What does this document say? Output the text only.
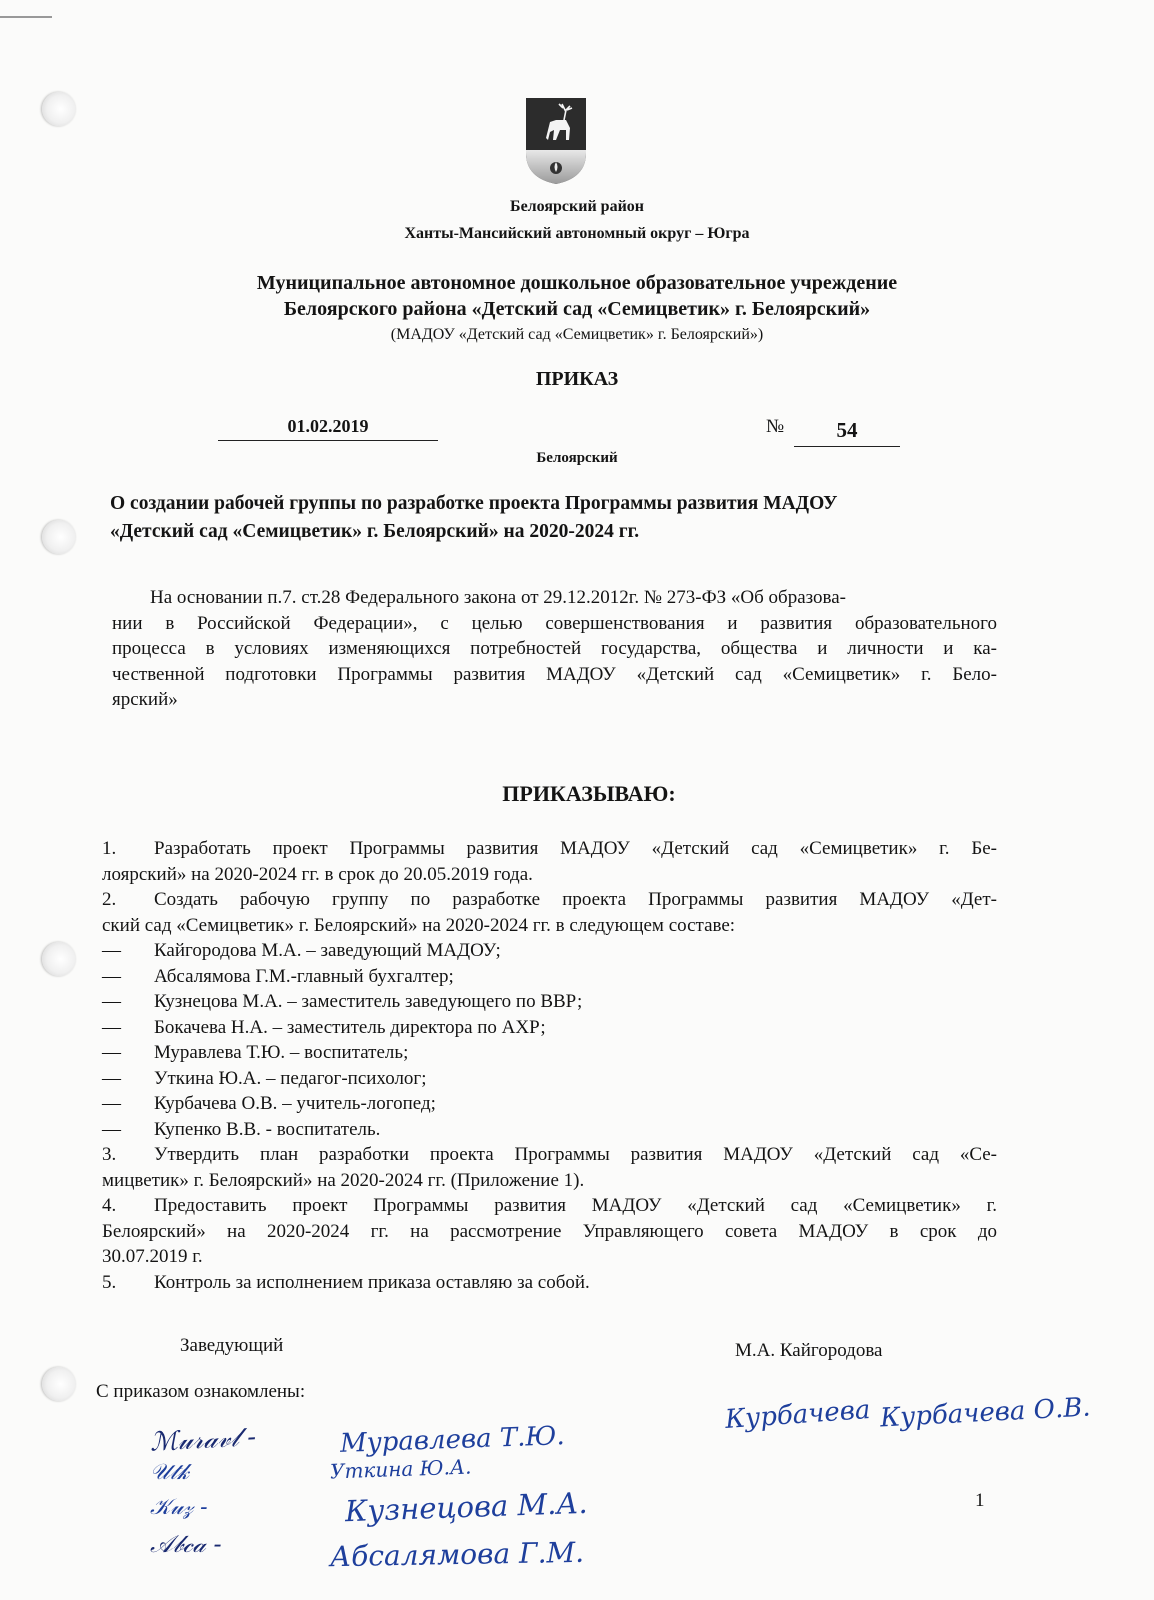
Белоярский район
Ханты-Мансийский автономный округ – Югра
Муниципальное автономное дошкольное образовательное учреждение
Белоярского района «Детский сад «Семицветик» г. Белоярский»
(МАДОУ «Детский сад «Семицветик» г. Белоярский»)
ПРИКАЗ
01.02.2019	№	54
Белоярский
О создании рабочей группы по разработке проекта Программы развития МАДОУ
«Детский сад «Семицветик» г. Белоярский» на 2020-2024 гг.
На основании п.7. ст.28 Федерального закона от 29.12.2012г. № 273-ФЗ «Об образова-
нии в Российской Федерации», с целью совершенствования и развития образовательного
процесса в условиях изменяющихся потребностей государства, общества и личности и ка-
чественной подготовки Программы развития МАДОУ «Детский сад «Семицветик» г. Бело-
ярский»
ПРИКАЗЫВАЮ:
1. Разработать проект Программы развития МАДОУ «Детский сад «Семицветик» г. Бе-
лоярский» на 2020-2024 гг. в срок до 20.05.2019 года.
2. Создать рабочую группу по разработке проекта Программы развития МАДОУ «Дет-
ский сад «Семицветик» г. Белоярский» на 2020-2024 гг. в следующем составе:
— Кайгородова М.А. – заведующий МАДОУ;
— Абсалямова Г.М.-главный бухгалтер;
— Кузнецова М.А. – заместитель заведующего по ВВР;
— Бокачева Н.А. – заместитель директора по АХР;
— Муравлева Т.Ю. – воспитатель;
— Уткина Ю.А. – педагог-психолог;
— Курбачева О.В. – учитель-логопед;
— Купенко В.В. - воспитатель.
3. Утвердить план разработки проекта Программы развития МАДОУ «Детский сад «Се-
мицветик» г. Белоярский» на 2020-2024 гг. (Приложение 1).
4. Предоставить проект Программы развития МАДОУ «Детский сад «Семицветик» г.
Белоярский» на 2020-2024 гг. на рассмотрение Управляющего совета МАДОУ в срок до
30.07.2019 г.
5. Контроль за исполнением приказа оставляю за собой.
Заведующий	М.А. Кайгородова
С приказом ознакомлены:
ℳ𝓊𝓇𝒶𝓋𝓁 -	Муравлева Т.Ю.
𝒰𝓉𝓀	Уткина Ю.А.
𝒦𝓊𝓏 -	Кузнецова М.А.
𝒜𝒷𝒸𝒶 -	Абсалямова Г.М.
Курбачева Курбачева О.В.
1
